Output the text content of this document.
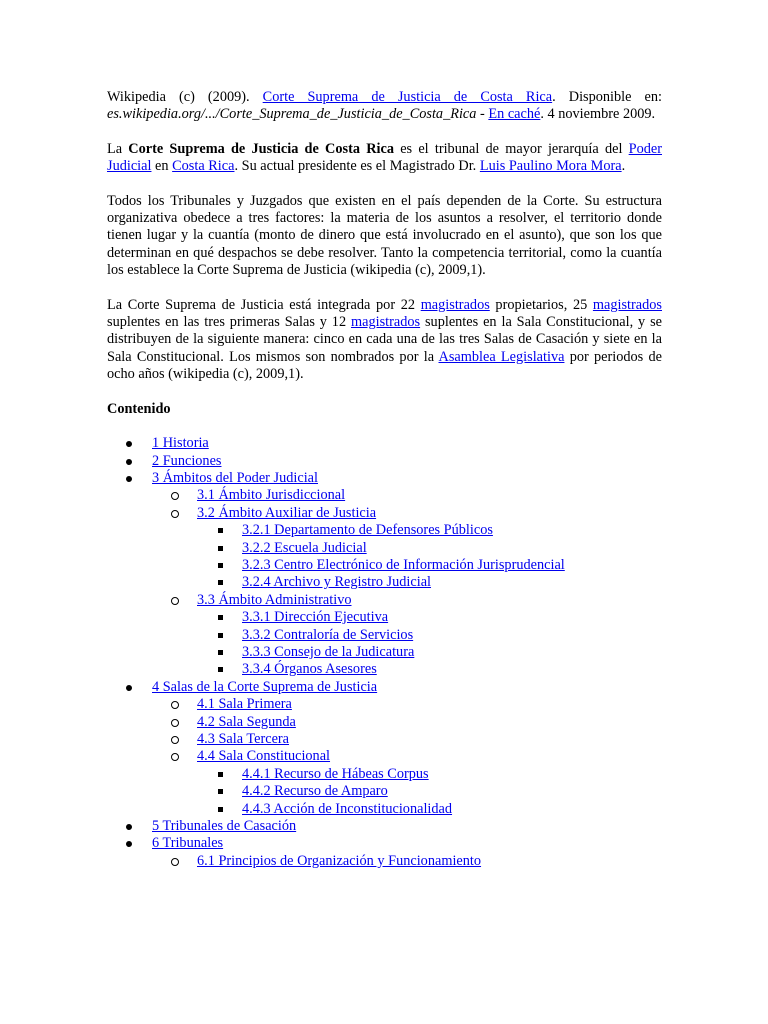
Wikipedia (c) (2009). Corte Suprema de Justicia de Costa Rica. Disponible en: es.wikipedia.org/.../Corte_Suprema_de_Justicia_de_Costa_Rica - En caché. 4 noviembre 2009.

La Corte Suprema de Justicia de Costa Rica es el tribunal de mayor jerarquía del Poder Judicial en Costa Rica. Su actual presidente es el Magistrado Dr. Luis Paulino Mora Mora.

Todos los Tribunales y Juzgados que existen en el país dependen de la Corte. Su estructura organizativa obedece a tres factores: la materia de los asuntos a resolver, el territorio donde tienen lugar y la cuantía (monto de dinero que está involucrado en el asunto), que son los que determinan en qué despachos se debe resolver. Tanto la competencia territorial, como la cuantía los establece la Corte Suprema de Justicia (wikipedia (c), 2009,1).

La Corte Suprema de Justicia está integrada por 22 magistrados propietarios, 25 magistrados suplentes en las tres primeras Salas y 12 magistrados suplentes en la Sala Constitucional, y se distribuyen de la siguiente manera: cinco en cada una de las tres Salas de Casación y siete en la Sala Constitucional. Los mismos son nombrados por la Asamblea Legislativa por periodos de ocho años (wikipedia (c), 2009,1).

Contenido

1 Historia
2 Funciones
3 Ámbitos del Poder Judicial
3.1 Ámbito Jurisdiccional
3.2 Ámbito Auxiliar de Justicia
3.2.1 Departamento de Defensores Públicos
3.2.2 Escuela Judicial
3.2.3 Centro Electrónico de Información Jurisprudencial
3.2.4 Archivo y Registro Judicial
3.3 Ámbito Administrativo
3.3.1 Dirección Ejecutiva
3.3.2 Contraloría de Servicios
3.3.3 Consejo de la Judicatura
3.3.4 Órganos Asesores
4 Salas de la Corte Suprema de Justicia
4.1 Sala Primera
4.2 Sala Segunda
4.3 Sala Tercera
4.4 Sala Constitucional
4.4.1 Recurso de Hábeas Corpus
4.4.2 Recurso de Amparo
4.4.3 Acción de Inconstitucionalidad
5 Tribunales de Casación
6 Tribunales
6.1 Principios de Organización y Funcionamiento
